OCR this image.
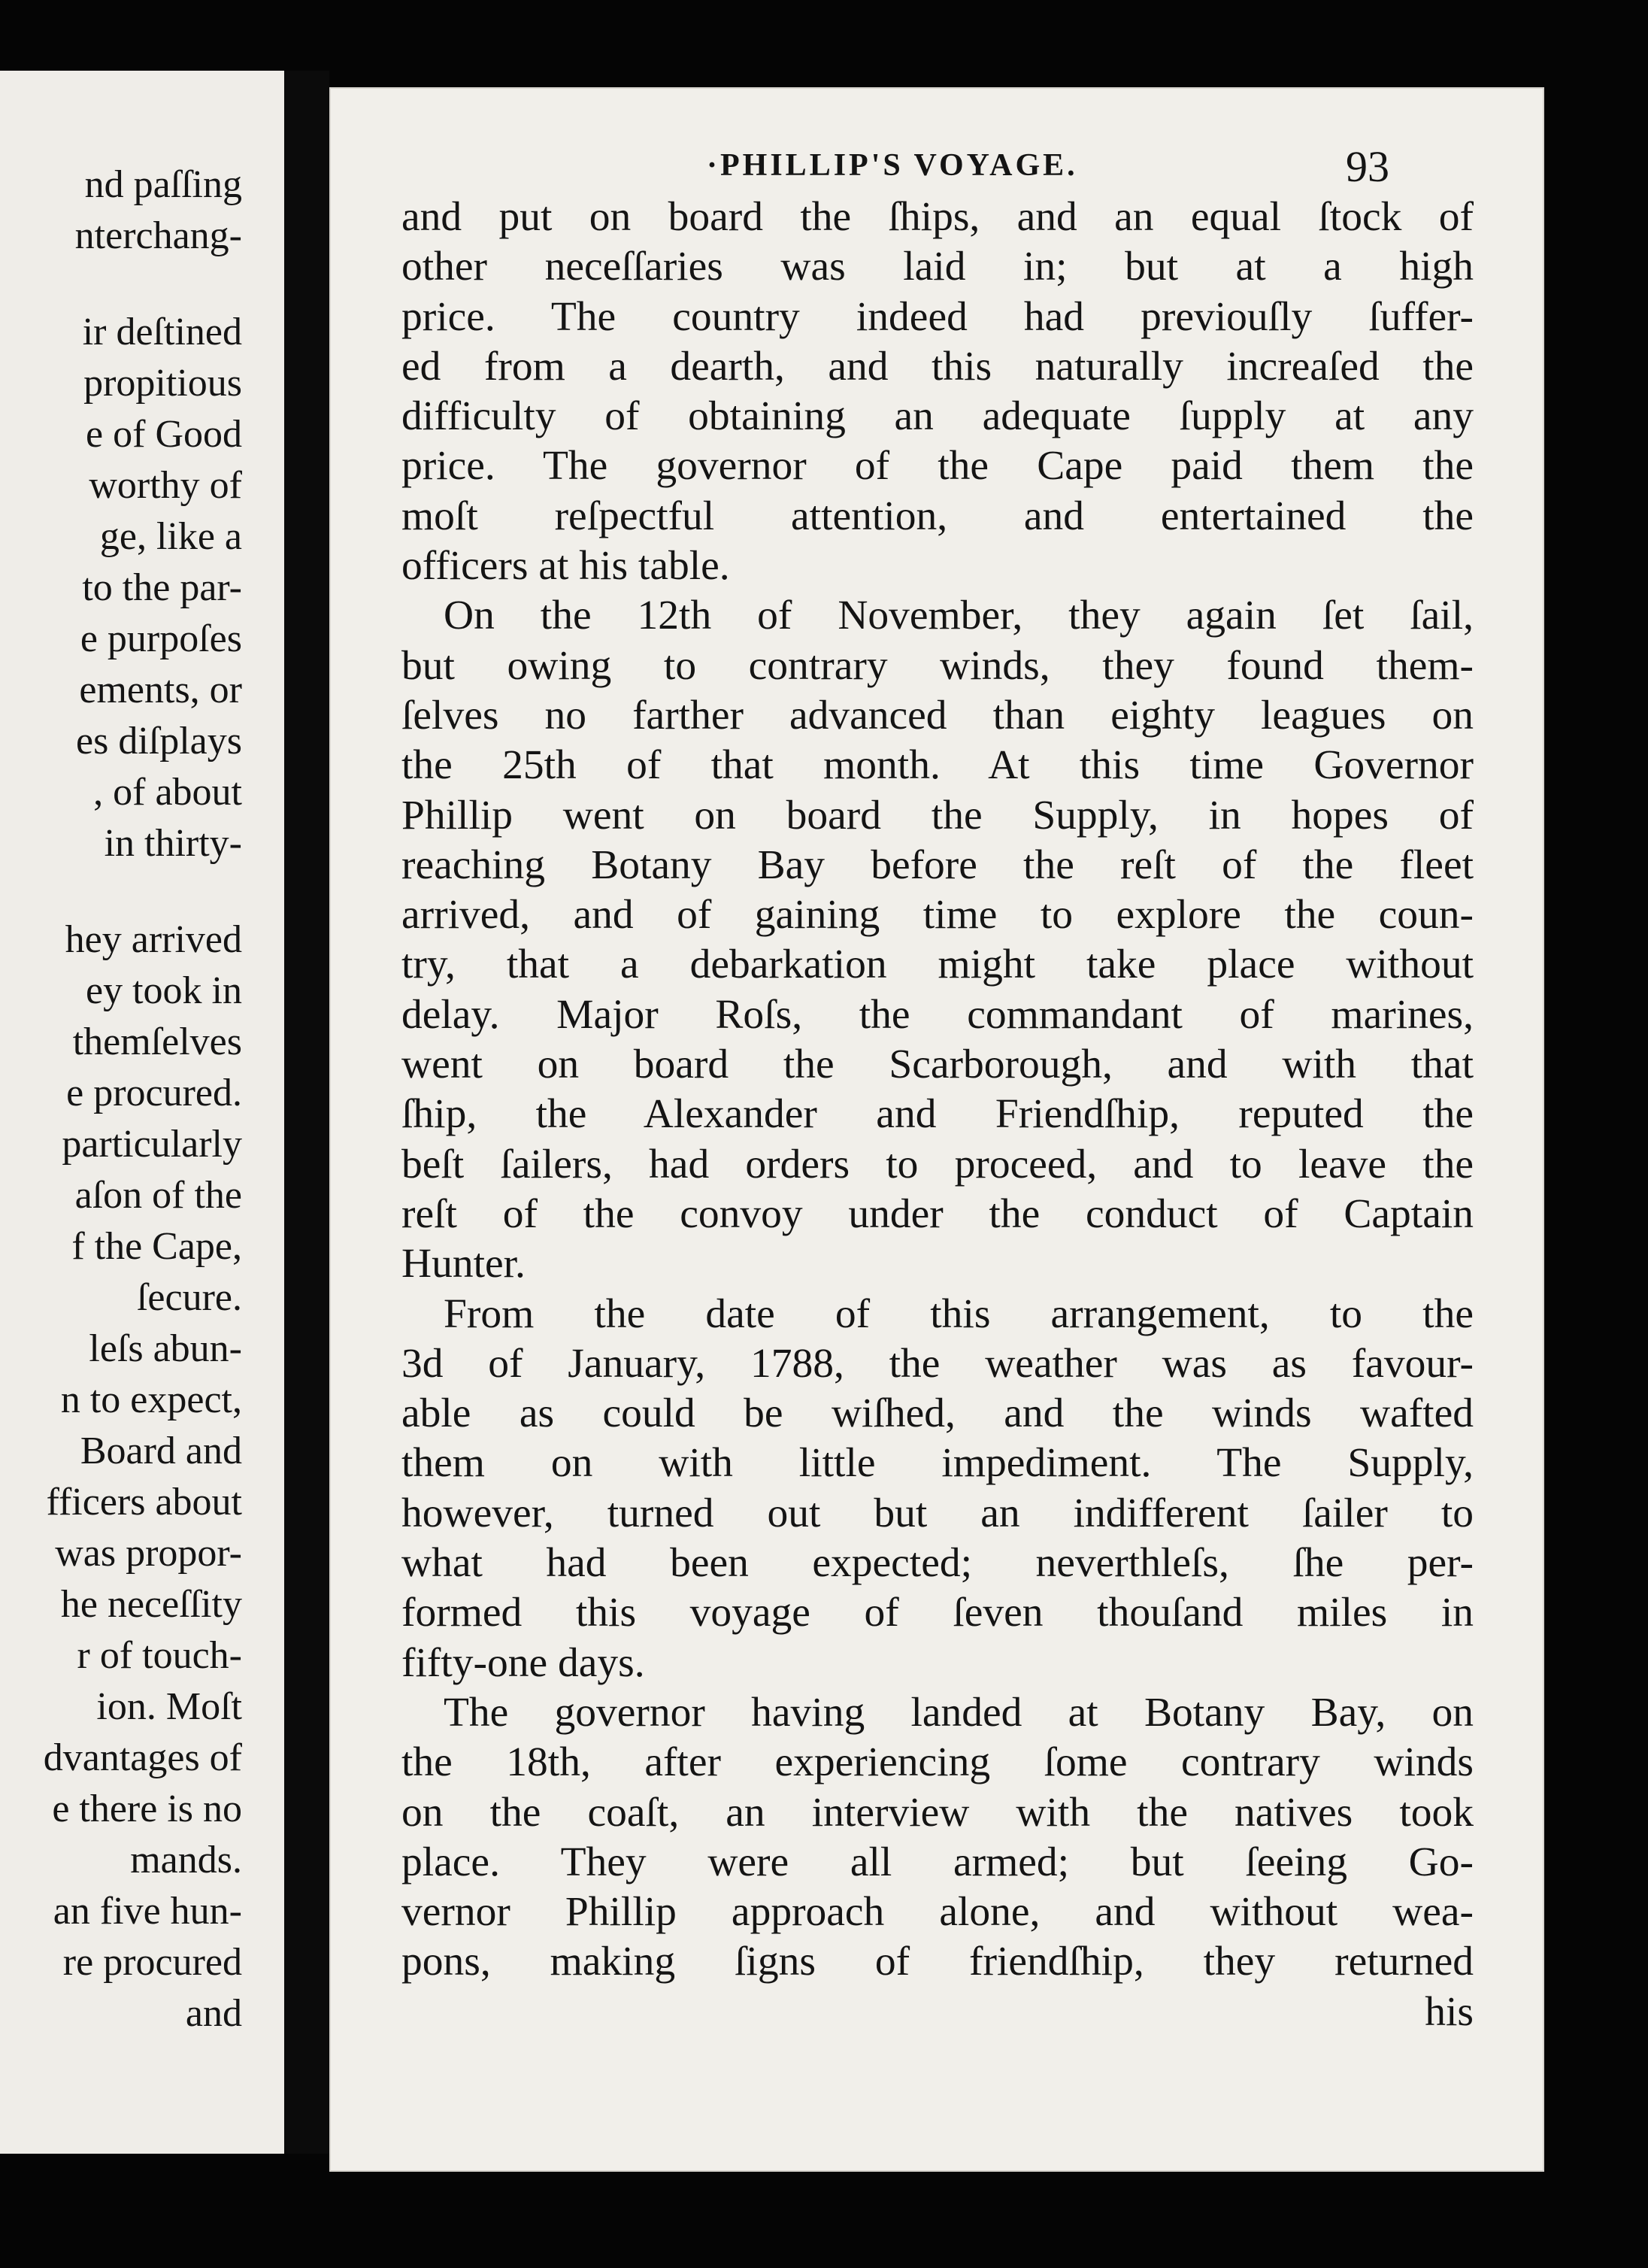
nd paſſing
nterchang-
ir deſtined
propitious
e of Good
worthy of
ge, like a
to the par-
e purpoſes
ements, or
es diſplays
, of about
in thirty-
hey arrived
ey took in
themſelves
e procured.
particularly
aſon of the
f the Cape,
ſecure.
leſs abun-
n to expect,
Board and
fficers about
was propor-
he neceſſity
r of touch-
ion. Moſt
dvantages of
e there is no
mands.
an five hun-
re procured
and
·PHILLIP'S VOYAGE.	93
and put on board the ſhips, and an equal ſtock of
other neceſſaries was laid in; but at a high
price. The country indeed had previouſly ſuffer-
ed from a dearth, and this naturally increaſed the
difficulty of obtaining an adequate ſupply at any
price. The governor of the Cape paid them the
moſt reſpectful attention, and entertained the
officers at his table.
On the 12th of November, they again ſet ſail,
but owing to contrary winds, they found them-
ſelves no farther advanced than eighty leagues on
the 25th of that month. At this time Governor
Phillip went on board the Supply, in hopes of
reaching Botany Bay before the reſt of the fleet
arrived, and of gaining time to explore the coun-
try, that a debarkation might take place without
delay. Major Roſs, the commandant of marines,
went on board the Scarborough, and with that
ſhip, the Alexander and Friendſhip, reputed the
beſt ſailers, had orders to proceed, and to leave the
reſt of the convoy under the conduct of Captain
Hunter.
From the date of this arrangement, to the
3d of January, 1788, the weather was as favour-
able as could be wiſhed, and the winds wafted
them on with little impediment. The Supply,
however, turned out but an indifferent ſailer to
what had been expected; neverthleſs, ſhe per-
formed this voyage of ſeven thouſand miles in
fifty-one days.
The governor having landed at Botany Bay, on
the 18th, after experiencing ſome contrary winds
on the coaſt, an interview with the natives took
place. They were all armed; but ſeeing Go-
vernor Phillip approach alone, and without wea-
pons, making ſigns of friendſhip, they returned
his
